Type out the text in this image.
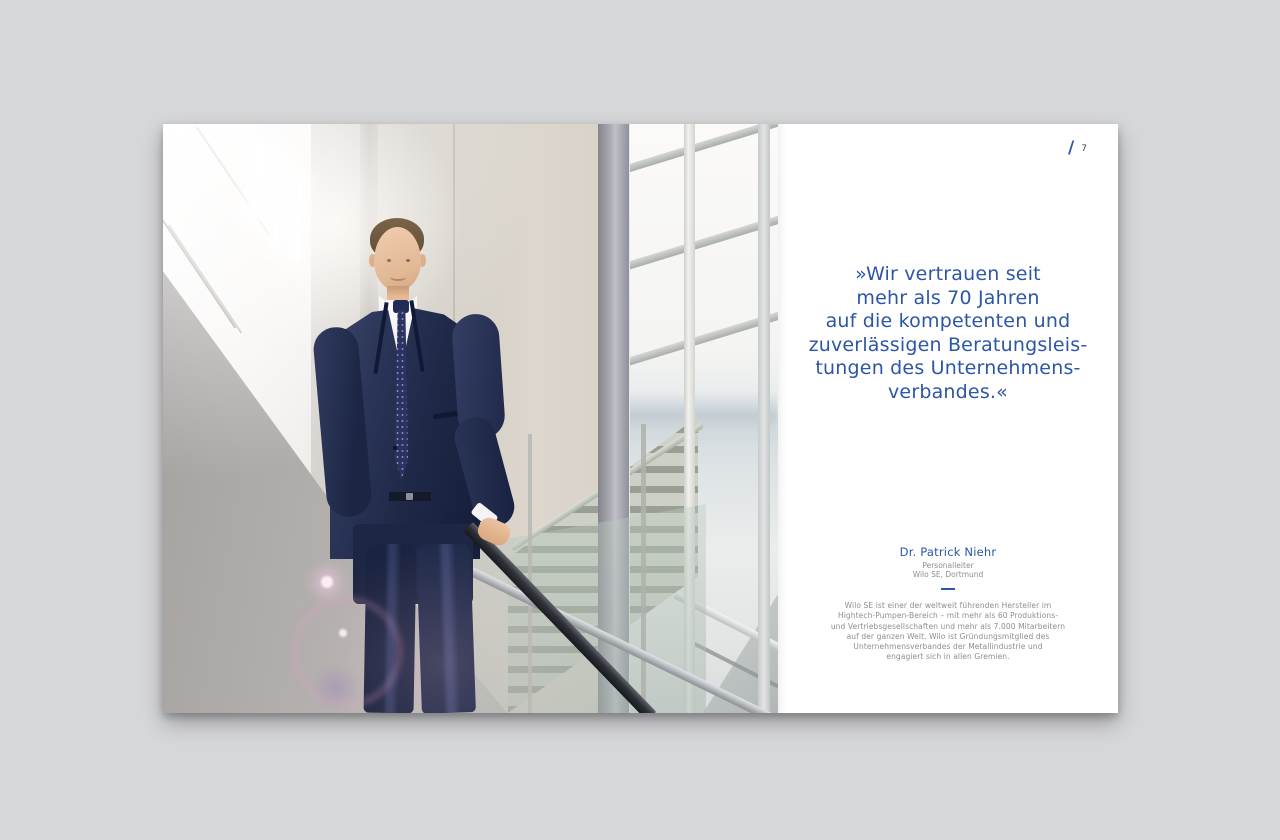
/ 7
»Wir vertrauen seit
mehr als 70 Jahren
auf die kompetenten und
zuverlässigen Beratungsleis-
tungen des Unternehmens-
verbandes.«
Dr. Patrick Niehr
Personalleiter
Wilo SE, Dortmund
Wilo SE ist einer der weltweit führenden Hersteller im
Hightech-Pumpen-Bereich – mit mehr als 60 Produktions-
und Vertriebsgesellschaften und mehr als 7.000 Mitarbeitern
auf der ganzen Welt. Wilo ist Gründungsmitglied des
Unternehmensverbandes der Metallindustrie und
engagiert sich in allen Gremien.
